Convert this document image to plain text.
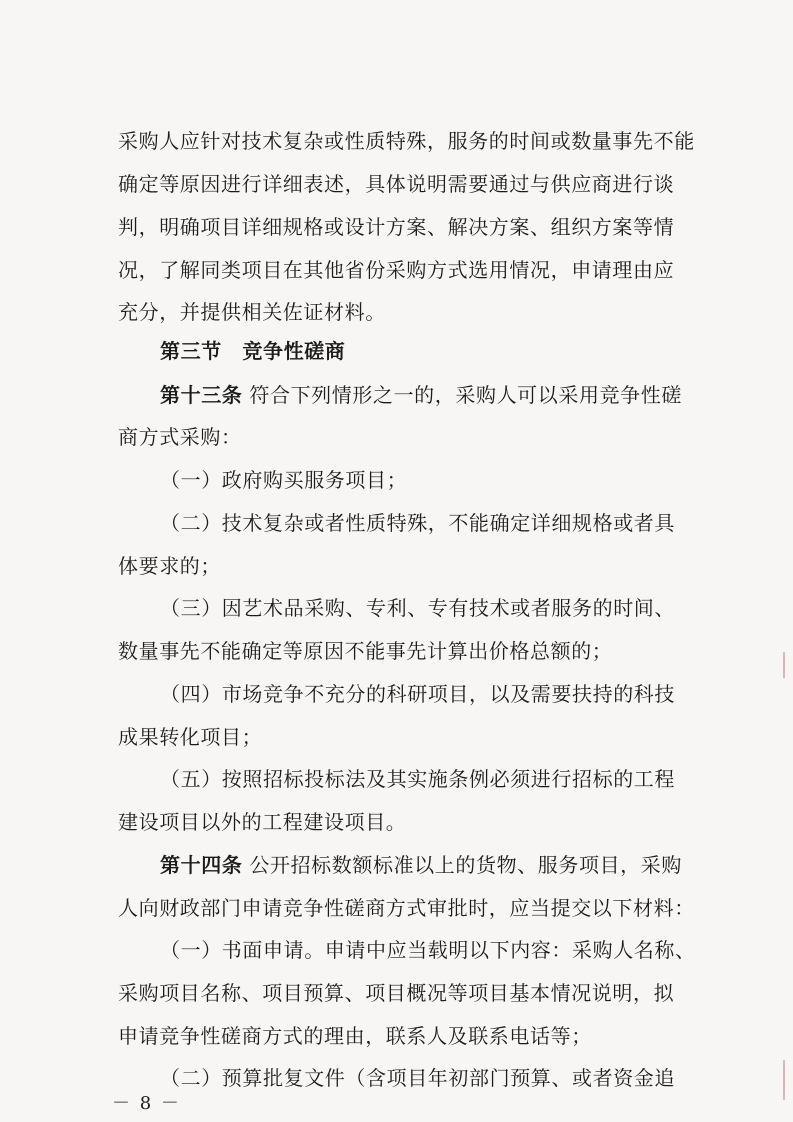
采购人应针对技术复杂或性质特殊，服务的时间或数量事先不能
确定等原因进行详细表述，具体说明需要通过与供应商进行谈
判，明确项目详细规格或设计方案、解决方案、组织方案等情
况，了解同类项目在其他省份采购方式选用情况，申请理由应
充分，并提供相关佐证材料。
第三节　竞争性磋商
第十三条 符合下列情形之一的，采购人可以采用竞争性磋
商方式采购：
（一）政府购买服务项目；
（二）技术复杂或者性质特殊，不能确定详细规格或者具
体要求的；
（三）因艺术品采购、专利、专有技术或者服务的时间、
数量事先不能确定等原因不能事先计算出价格总额的；
（四）市场竞争不充分的科研项目，以及需要扶持的科技
成果转化项目；
（五）按照招标投标法及其实施条例必须进行招标的工程
建设项目以外的工程建设项目。
第十四条 公开招标数额标准以上的货物、服务项目，采购
人向财政部门申请竞争性磋商方式审批时，应当提交以下材料：
（一）书面申请。申请中应当载明以下内容：采购人名称、
采购项目名称、项目预算、项目概况等项目基本情况说明，拟
申请竞争性磋商方式的理由，联系人及联系电话等；
（二）预算批复文件（含项目年初部门预算、或者资金追
－ 8 －
